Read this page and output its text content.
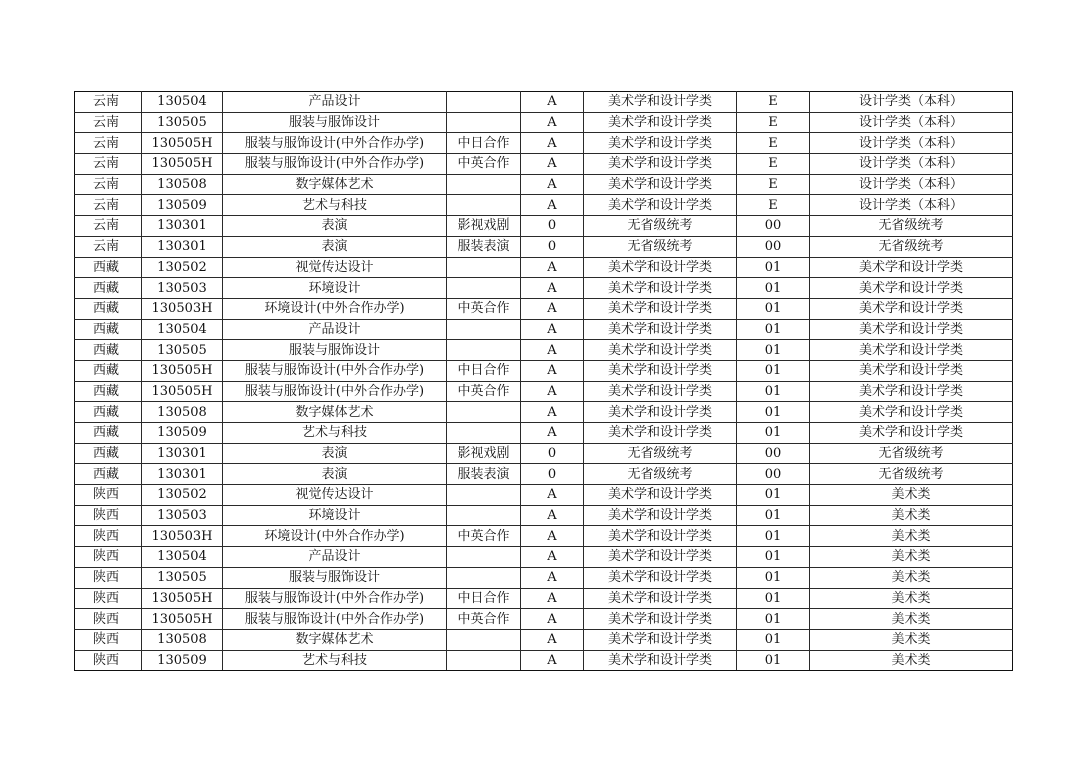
云南	130504	产品设计		A	美术学和设计学类	E	设计学类（本科）
云南	130505	服装与服饰设计		A	美术学和设计学类	E	设计学类（本科）
云南	130505H	服装与服饰设计(中外合作办学)	中日合作	A	美术学和设计学类	E	设计学类（本科）
云南	130505H	服装与服饰设计(中外合作办学)	中英合作	A	美术学和设计学类	E	设计学类（本科）
云南	130508	数字媒体艺术		A	美术学和设计学类	E	设计学类（本科）
云南	130509	艺术与科技		A	美术学和设计学类	E	设计学类（本科）
云南	130301	表演	影视戏剧	0	无省级统考	00	无省级统考
云南	130301	表演	服装表演	0	无省级统考	00	无省级统考
西藏	130502	视觉传达设计		A	美术学和设计学类	01	美术学和设计学类
西藏	130503	环境设计		A	美术学和设计学类	01	美术学和设计学类
西藏	130503H	环境设计(中外合作办学)	中英合作	A	美术学和设计学类	01	美术学和设计学类
西藏	130504	产品设计		A	美术学和设计学类	01	美术学和设计学类
西藏	130505	服装与服饰设计		A	美术学和设计学类	01	美术学和设计学类
西藏	130505H	服装与服饰设计(中外合作办学)	中日合作	A	美术学和设计学类	01	美术学和设计学类
西藏	130505H	服装与服饰设计(中外合作办学)	中英合作	A	美术学和设计学类	01	美术学和设计学类
西藏	130508	数字媒体艺术		A	美术学和设计学类	01	美术学和设计学类
西藏	130509	艺术与科技		A	美术学和设计学类	01	美术学和设计学类
西藏	130301	表演	影视戏剧	0	无省级统考	00	无省级统考
西藏	130301	表演	服装表演	0	无省级统考	00	无省级统考
陕西	130502	视觉传达设计		A	美术学和设计学类	01	美术类
陕西	130503	环境设计		A	美术学和设计学类	01	美术类
陕西	130503H	环境设计(中外合作办学)	中英合作	A	美术学和设计学类	01	美术类
陕西	130504	产品设计		A	美术学和设计学类	01	美术类
陕西	130505	服装与服饰设计		A	美术学和设计学类	01	美术类
陕西	130505H	服装与服饰设计(中外合作办学)	中日合作	A	美术学和设计学类	01	美术类
陕西	130505H	服装与服饰设计(中外合作办学)	中英合作	A	美术学和设计学类	01	美术类
陕西	130508	数字媒体艺术		A	美术学和设计学类	01	美术类
陕西	130509	艺术与科技		A	美术学和设计学类	01	美术类
